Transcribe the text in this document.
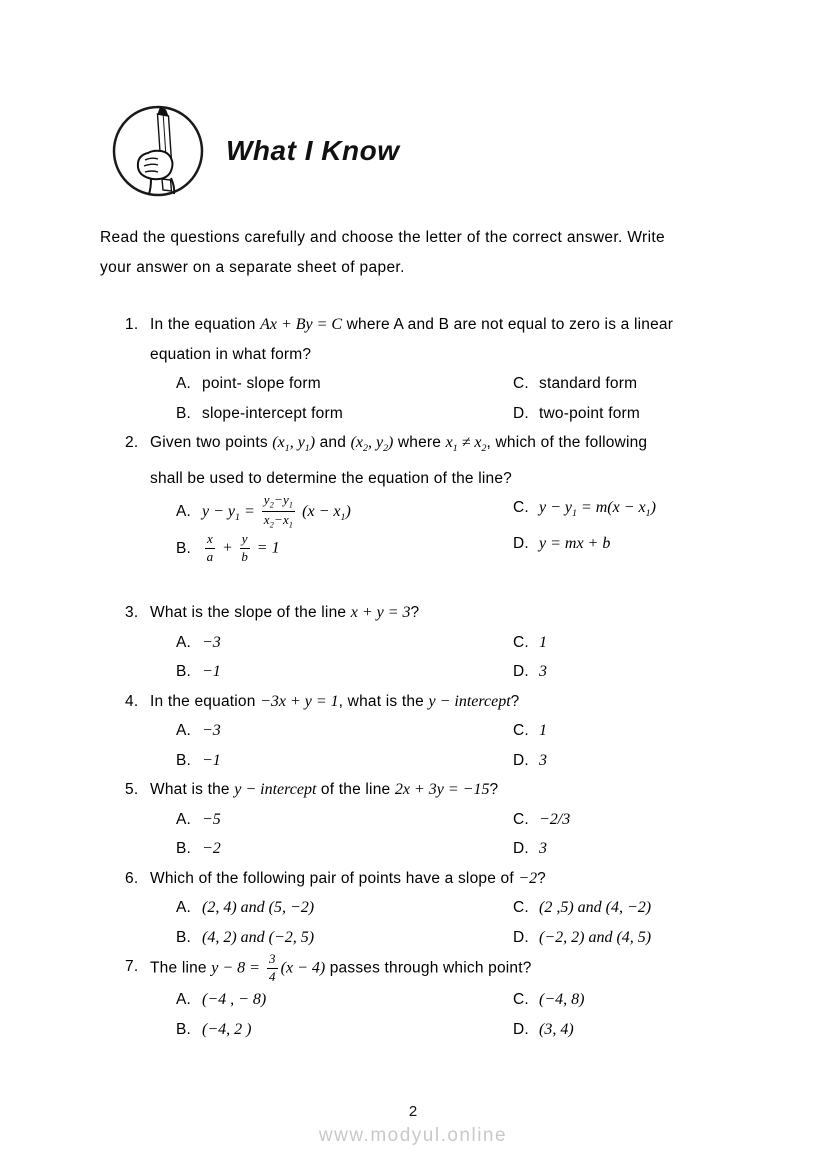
What I Know
Read the questions carefully and choose the letter of the correct answer. Write
your answer on a separate sheet of paper.
1. In the equation Ax + By = C where A and B are not equal to zero is a linear
equation in what form?
A. point- slope form
B. slope-intercept form
C. standard form
D. two-point form
2. Given two points ($x_1$, $y_1$) and ($x_2$, $y_2$) where $x_1 \ne x_2$, which of the following
shall be used to determine the equation of the line?
A. $y - y_1 = \frac{y_2-y_1}{x_2-x_1} (x - x_1)$
B.	$\frac{x}{a} + \frac{y}{b} = 1$
C. $y - y_1 = m(x - x_1)$
D. y = mx + b
3. What is the slope of the line x + y = 3?
A. −3
B. −1
C. 1
D. 3
4. In the equation −3x + y = 1, what is the y − intercept?
A. −3
B. −1
C. 1
D. 3
5. What is the y − intercept of the line 2x + 3y = −15?
A. −5
B. −2
C. −2/3
D. 3
6. Which of the following pair of points have a slope of −2?
A. (2, 4) and (5, −2)
B. (4, 2) and (−2, 5)
C. (2 ,5) and (4, −2)
D. (−2, 2) and (4, 5)
7. The line $y - 8 = \frac{3}{4} (x - 4)$ passes through which point?
A. (−4 , − 8)
B. (−4, 2 )
C. (−4, 8)
D. (3, 4)
2
www.modyul.online
